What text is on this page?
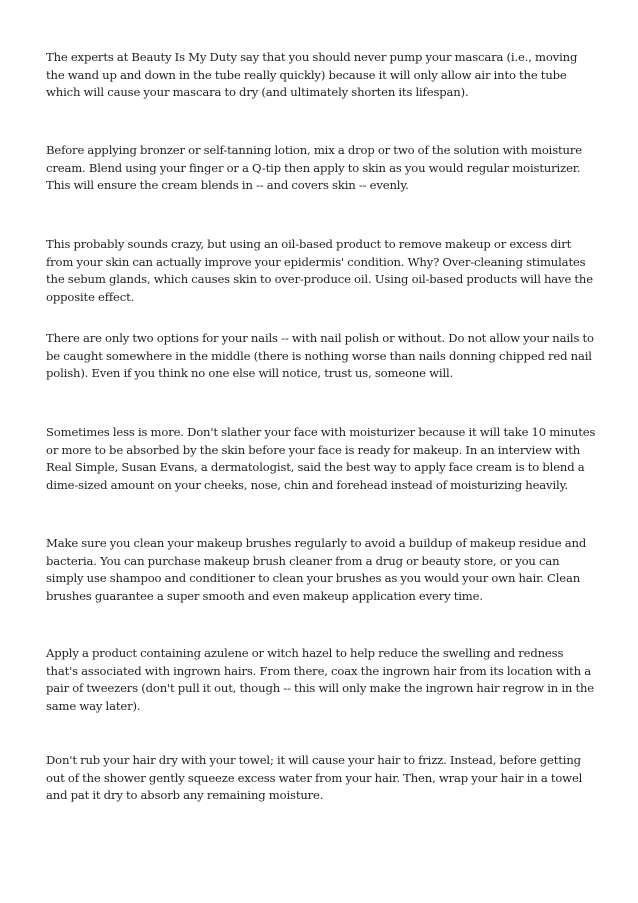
The experts at Beauty Is My Duty say that you should never pump your mascara (i.e., moving the wand up and down in the tube really quickly) because it will only allow air into the tube which will cause your mascara to dry (and ultimately shorten its lifespan).

Before applying bronzer or self-tanning lotion, mix a drop or two of the solution with moisture cream. Blend using your finger or a Q-tip then apply to skin as you would regular moisturizer. This will ensure the cream blends in -- and covers skin -- evenly.

This probably sounds crazy, but using an oil-based product to remove makeup or excess dirt from your skin can actually improve your epidermis' condition. Why? Over-cleaning stimulates the sebum glands, which causes skin to over-produce oil. Using oil-based products will have the opposite effect.

There are only two options for your nails -- with nail polish or without. Do not allow your nails to be caught somewhere in the middle (there is nothing worse than nails donning chipped red nail polish). Even if you think no one else will notice, trust us, someone will.

Sometimes less is more. Don't slather your face with moisturizer because it will take 10 minutes or more to be absorbed by the skin before your face is ready for makeup. In an interview with Real Simple, Susan Evans, a dermatologist, said the best way to apply face cream is to blend a dime-sized amount on your cheeks, nose, chin and forehead instead of moisturizing heavily.

Make sure you clean your makeup brushes regularly to avoid a buildup of makeup residue and bacteria. You can purchase makeup brush cleaner from a drug or beauty store, or you can simply use shampoo and conditioner to clean your brushes as you would your own hair. Clean brushes guarantee a super smooth and even makeup application every time.

Apply a product containing azulene or witch hazel to help reduce the swelling and redness that's associated with ingrown hairs. From there, coax the ingrown hair from its location with a pair of tweezers (don't pull it out, though -- this will only make the ingrown hair regrow in in the same way later).

Don't rub your hair dry with your towel; it will cause your hair to frizz. Instead, before getting out of the shower gently squeeze excess water from your hair. Then, wrap your hair in a towel and pat it dry to absorb any remaining moisture.
